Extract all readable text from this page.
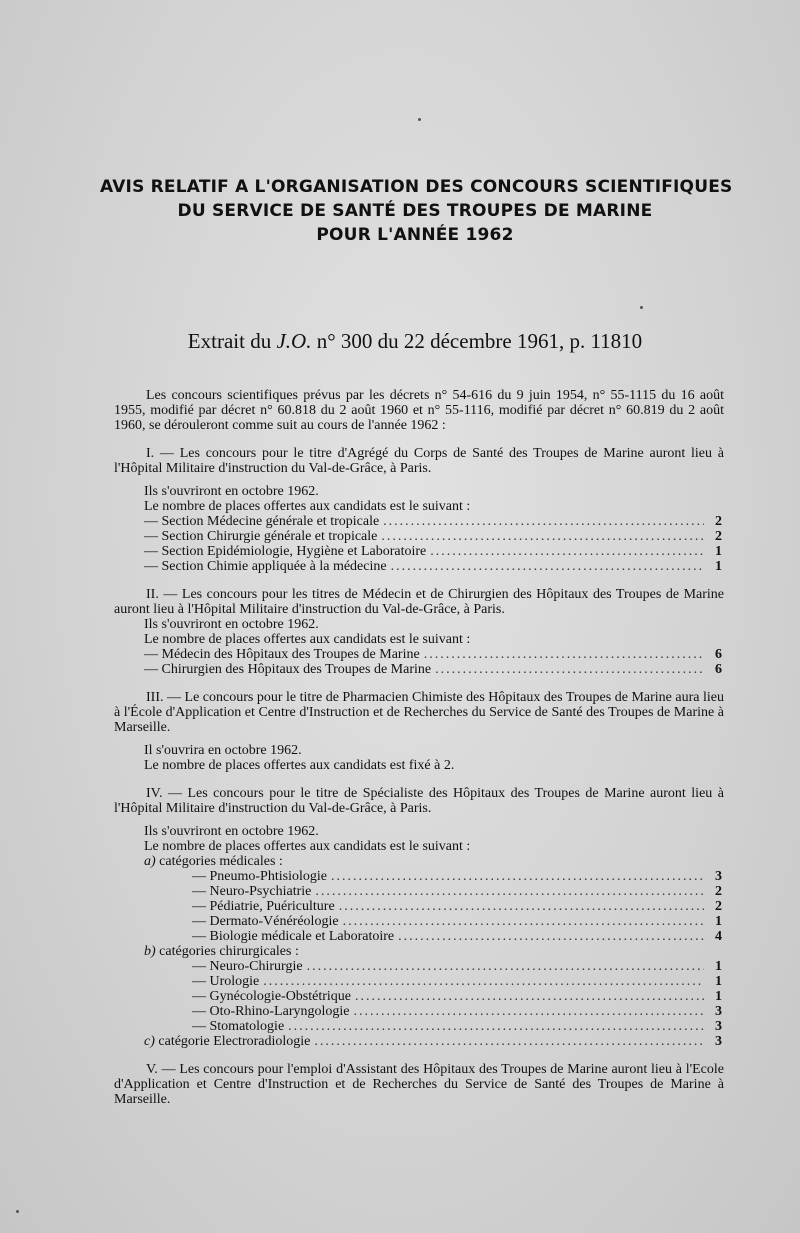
AVIS RELATIF A L'ORGANISATION DES CONCOURS SCIENTIFIQUES
DU SERVICE DE SANTÉ DES TROUPES DE MARINE
POUR L'ANNÉE 1962
Extrait du J.O. n° 300 du 22 décembre 1961, p. 11810

Les concours scientifiques prévus par les décrets n° 54-616 du 9 juin 1954, n° 55-1115 du 16 août 1955, modifié par décret n° 60.818 du 2 août 1960 et n° 55-1116, modifié par décret n° 60.819 du 2 août 1960, se dérouleront comme suit au cours de l'année 1962 :

I. — Les concours pour le titre d'Agrégé du Corps de Santé des Troupes de Marine auront lieu à l'Hôpital Militaire d'instruction du Val-de-Grâce, à Paris.

Ils s'ouvriront en octobre 1962.

Le nombre de places offertes aux candidats est le suivant :

— Section Médecine générale et tropicale .....	2
— Section Chirurgie générale et tropicale .....	2
— Section Epidémiologie, Hygiène et Laboratoire .....	1
— Section Chimie appliquée à la médecine .....	1

II. — Les concours pour les titres de Médecin et de Chirurgien des Hôpitaux des Troupes de Marine auront lieu à l'Hôpital Militaire d'instruction du Val-de-Grâce, à Paris.

Ils s'ouvriront en octobre 1962.

Le nombre de places offertes aux candidats est le suivant :

— Médecin des Hôpitaux des Troupes de Marine .....	6
— Chirurgien des Hôpitaux des Troupes de Marine .....	6

III. — Le concours pour le titre de Pharmacien Chimiste des Hôpitaux des Troupes de Marine aura lieu à l'École d'Application et Centre d'Instruction et de Recherches du Service de Santé des Troupes de Marine à Marseille.

Il s'ouvrira en octobre 1962.

Le nombre de places offertes aux candidats est fixé à 2.

IV. — Les concours pour le titre de Spécialiste des Hôpitaux des Troupes de Marine auront lieu à l'Hôpital Militaire d'instruction du Val-de-Grâce, à Paris.

Ils s'ouvriront en octobre 1962.

Le nombre de places offertes aux candidats est le suivant :

a) catégories médicales :

— Pneumo-Phtisiologie .....	3
— Neuro-Psychiatrie .....	2
— Pédiatrie, Puériculture .....	2
— Dermato-Vénéréologie .....	1
— Biologie médicale et Laboratoire .....	4

b) catégories chirurgicales :

— Neuro-Chirurgie .....	1
— Urologie .....	1
— Gynécologie-Obstétrique .....	1
— Oto-Rhino-Laryngologie .....	3
— Stomatologie .....	3
c) catégorie Electroradiologie .....	3

V. — Les concours pour l'emploi d'Assistant des Hôpitaux des Troupes de Marine auront lieu à l'Ecole d'Application et Centre d'Instruction et de Recherches du Service de Santé des Troupes de Marine à Marseille.
